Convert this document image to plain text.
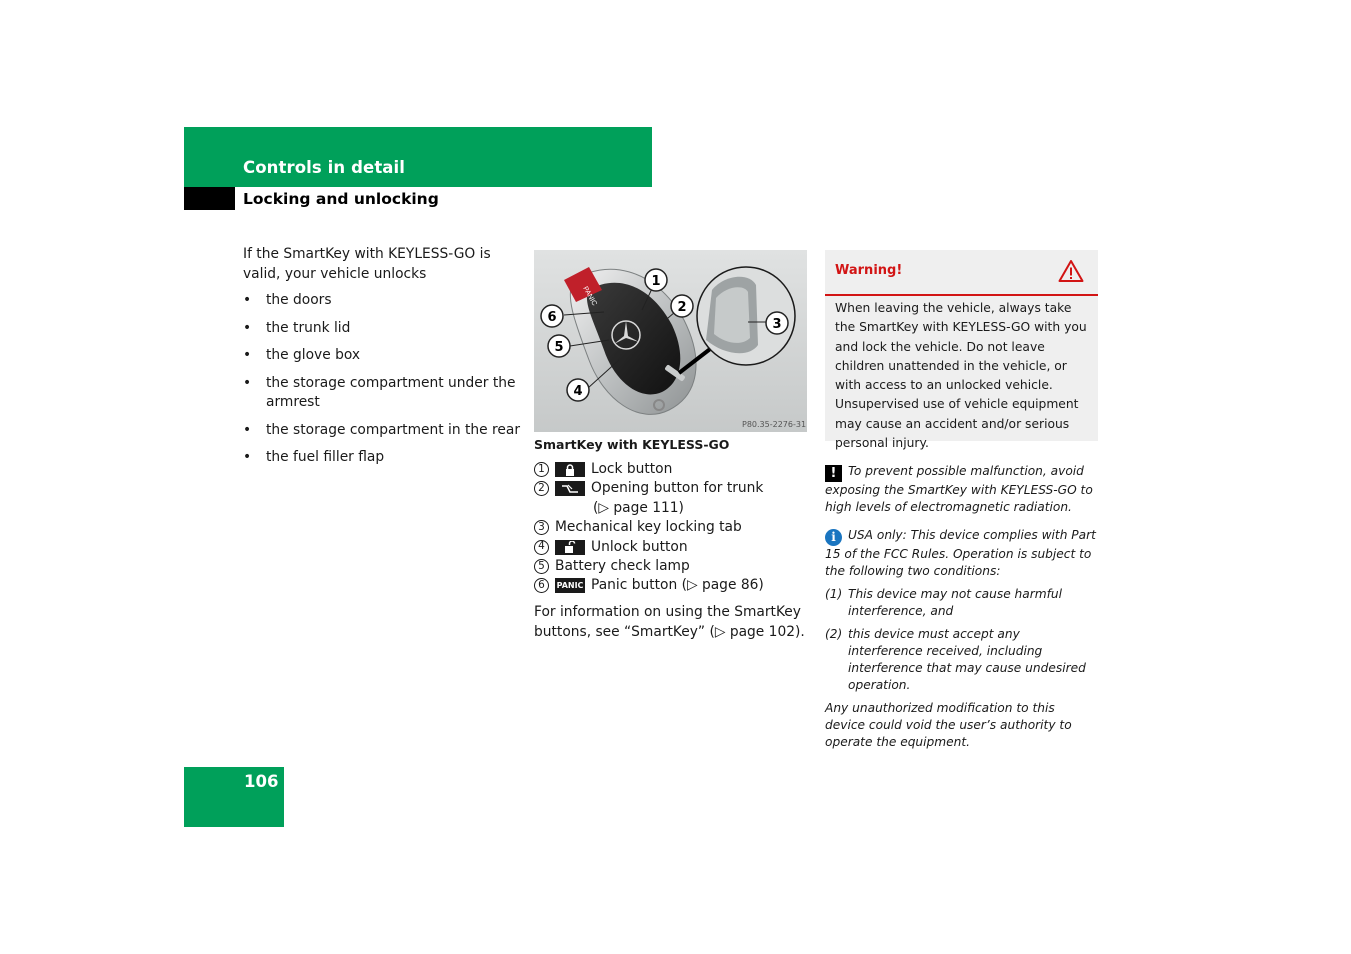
Controls in detail
Locking and unlocking

If the SmartKey with KEYLESS-GO is valid, your vehicle unlocks

• the doors
• the trunk lid
• the glove box
• the storage compartment under the armrest
• the storage compartment in the rear
• the fuel filler flap
PANIC
1
2
3
4
5
6
P80.35-2276-31
SmartKey with KEYLESS-GO
1	Lock button
2	Opening button for trunk
(▷ page 111)
3 Mechanical key locking tab
4	Unlock button
5 Battery check lamp
6	PANIC Panic button (▷ page 86)

For information on using the SmartKey buttons, see “SmartKey” (▷ page 102).

Warning!
When leaving the vehicle, always take the SmartKey with KEYLESS-GO with you and lock the vehicle. Do not leave children unattended in the vehicle, or with access to an unlocked vehicle. Unsupervised use of vehicle equipment may cause an accident and/or serious personal injury.

! To prevent possible malfunction, avoid exposing the SmartKey with KEYLESS-GO to high levels of electromagnetic radiation.

i USA only: This device complies with Part 15 of the FCC Rules. Operation is subject to the following two conditions:

(1) This device may not cause harmful interference, and
(2) this device must accept any interference received, including interference that may cause undesired operation.

Any unauthorized modification to this device could void the user’s authority to operate the equipment.

106
